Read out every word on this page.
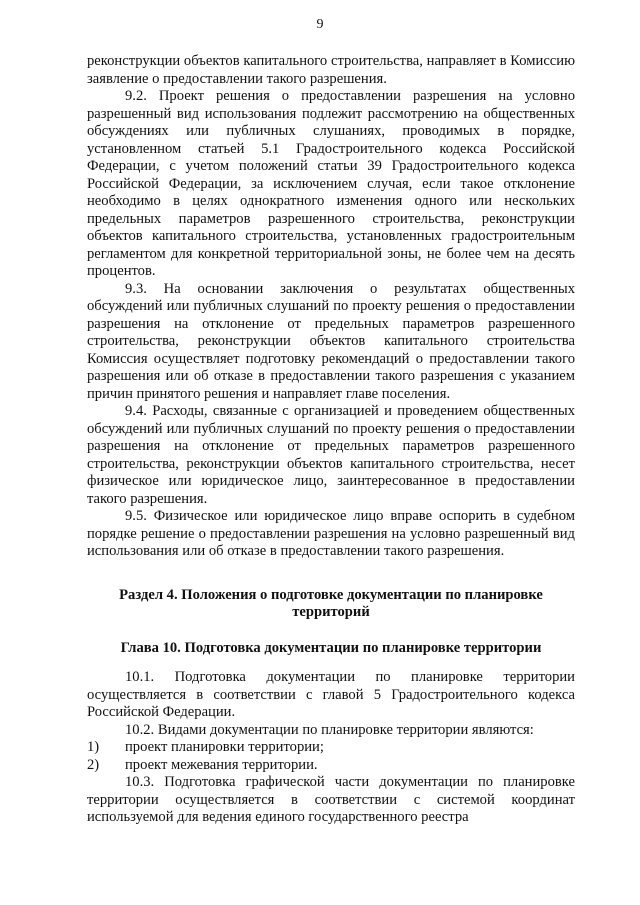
9

реконструкции объектов капитального строительства, направляет в Комиссию заявление о предоставлении такого разрешения.

9.2. Проект решения о предоставлении разрешения на условно разрешенный вид использования подлежит рассмотрению на общественных обсуждениях или публичных слушаниях, проводимых в порядке, установленном статьей 5.1 Градостроительного кодекса Российской Федерации, с учетом положений статьи 39 Градостроительного кодекса Российской Федерации, за исключением случая, если такое отклонение необходимо в целях однократного изменения одного или нескольких предельных параметров разрешенного строительства, реконструкции объектов капитального строительства, установленных градостроительным регламентом для конкретной территориальной зоны, не более чем на десять процентов.

9.3. На основании заключения о результатах общественных обсуждений или публичных слушаний по проекту решения о предоставлении разрешения на отклонение от предельных параметров разрешенного строительства, реконструкции объектов капитального строительства Комиссия осуществляет подготовку рекомендаций о предоставлении такого разрешения или об отказе в предоставлении такого разрешения с указанием причин принятого решения и направляет главе поселения.

9.4. Расходы, связанные с организацией и проведением общественных обсуждений или публичных слушаний по проекту решения о предоставлении разрешения на отклонение от предельных параметров разрешенного строительства, реконструкции объектов капитального строительства, несет физическое или юридическое лицо, заинтересованное в предоставлении такого разрешения.

9.5. Физическое или юридическое лицо вправе оспорить в судебном порядке решение о предоставлении разрешения на условно разрешенный вид использования или об отказе в предоставлении такого разрешения.

Раздел 4. Положения о подготовке документации по планировке территорий
Глава 10. Подготовка документации по планировке территории

10.1. Подготовка документации по планировке территории осуществляется в соответствии с главой 5 Градостроительного кодекса Российской Федерации.

10.2. Видами документации по планировке территории являются:

1)	проект планировки территории;
2)	проект межевания территории.

10.3. Подготовка графической части документации по планировке территории осуществляется в соответствии с системой координат используемой для ведения единого государственного реестра
